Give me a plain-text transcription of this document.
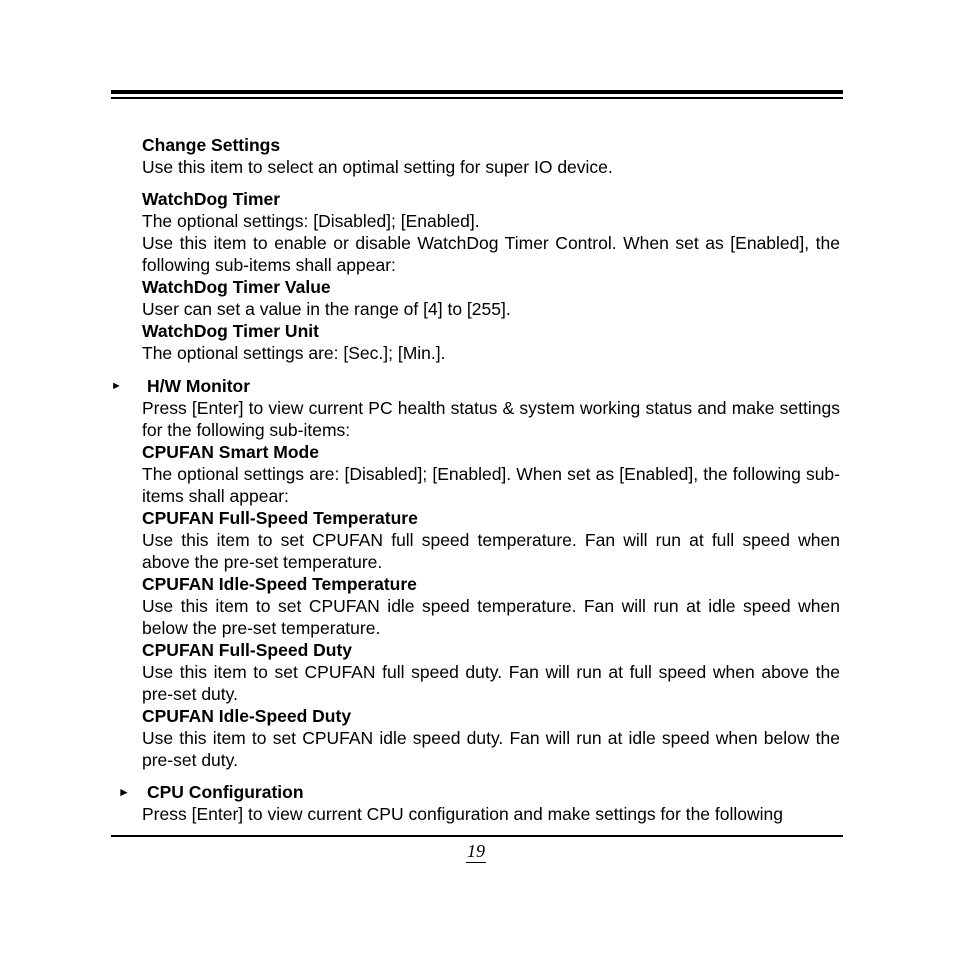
Change Settings
Use this item to select an optimal setting for super IO device.
WatchDog Timer
The optional settings: [Disabled]; [Enabled].
Use this item to enable or disable WatchDog Timer Control. When set as [Enabled], the following sub-items shall appear:
WatchDog Timer Value
User can set a value in the range of [4] to [255].
WatchDog Timer Unit
The optional settings are: [Sec.]; [Min.].
► H/W Monitor
Press [Enter] to view current PC health status & system working status and make settings for the following sub-items:
CPUFAN Smart Mode
The optional settings are: [Disabled]; [Enabled]. When set as [Enabled], the following sub-items shall appear:
CPUFAN Full-Speed Temperature
Use this item to set CPUFAN full speed temperature. Fan will run at full speed when above the pre-set temperature.
CPUFAN Idle-Speed Temperature
Use this item to set CPUFAN idle speed temperature. Fan will run at idle speed when below the pre-set temperature.
CPUFAN Full-Speed Duty
Use this item to set CPUFAN full speed duty. Fan will run at full speed when above the pre-set duty.
CPUFAN Idle-Speed Duty
Use this item to set CPUFAN idle speed duty. Fan will run at idle speed when below the pre-set duty.
► CPU Configuration
Press [Enter] to view current CPU configuration and make settings for the following
19
